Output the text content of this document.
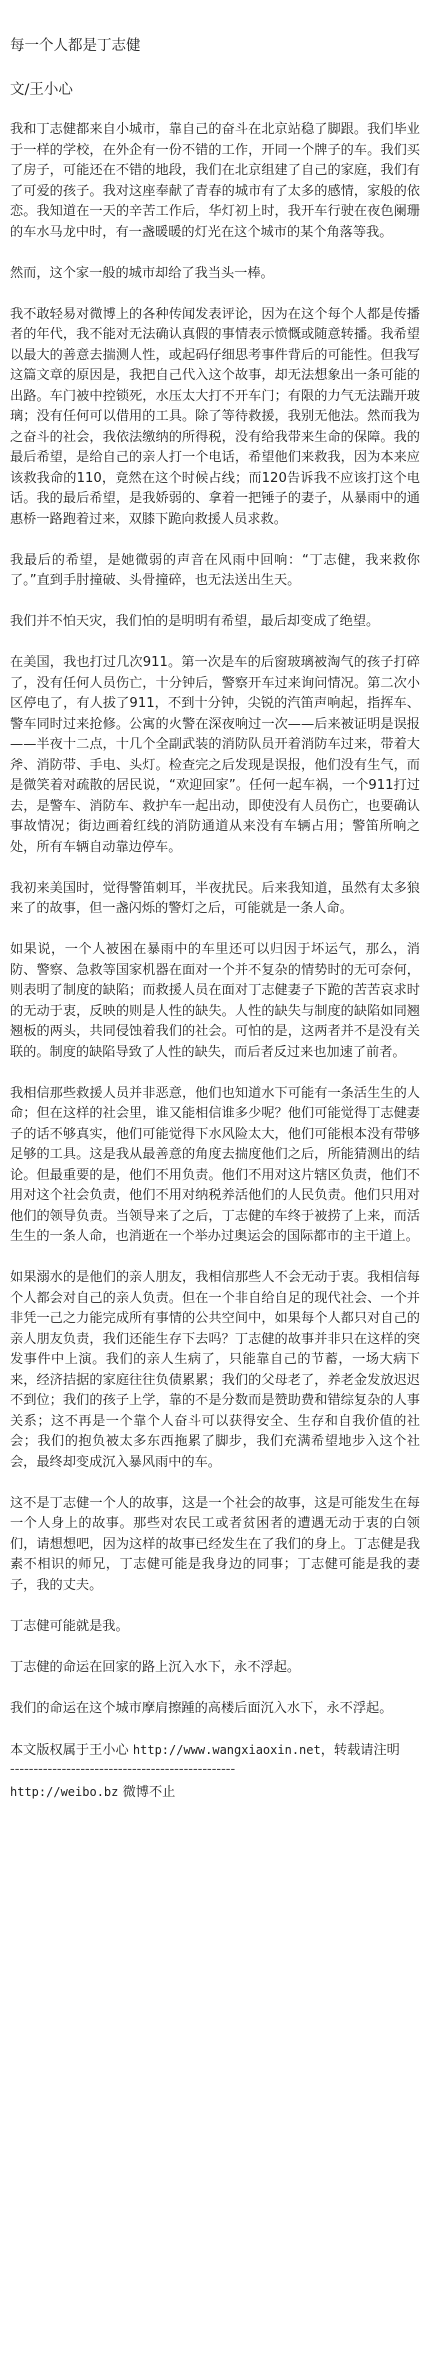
每一个人都是丁志健
文/王小心
我和丁志健都来自小城市，靠自己的奋斗在北京站稳了脚跟。我们毕业于一样的学校，在外企有一份不错的工作，开同一个牌子的车。我们买了房子，可能还在不错的地段，我们在北京组建了自己的家庭，我们有了可爱的孩子。我对这座奉献了青春的城市有了太多的感情，家般的依恋。我知道在一天的辛苦工作后，华灯初上时，我开车行驶在夜色阑珊的车水马龙中时，有一盏暖暖的灯光在这个城市的某个角落等我。
然而，这个家一般的城市却给了我当头一棒。
我不敢轻易对微博上的各种传闻发表评论，因为在这个每个人都是传播者的年代，我不能对无法确认真假的事情表示愤慨或随意转播。我希望以最大的善意去揣测人性，或起码仔细思考事件背后的可能性。但我写这篇文章的原因是，我把自己代入这个故事，却无法想象出一条可能的出路。车门被中控锁死，水压太大打不开车门；有限的力气无法踹开玻璃；没有任何可以借用的工具。除了等待救援，我别无他法。然而我为之奋斗的社会，我依法缴纳的所得税，没有给我带来生命的保障。我的最后希望，是给自己的亲人打一个电话，希望他们来救我，因为本来应该救我命的110，竟然在这个时候占线；而120告诉我不应该打这个电话。我的最后希望，是我娇弱的、拿着一把锤子的妻子，从暴雨中的通惠桥一路跑着过来，双膝下跪向救援人员求救。
我最后的希望，是她微弱的声音在风雨中回响：“丁志健，我来救你了。”直到手肘撞破、头骨撞碎，也无法送出生天。
我们并不怕天灾，我们怕的是明明有希望，最后却变成了绝望。
在美国，我也打过几次911。第一次是车的后窗玻璃被淘气的孩子打碎了，没有任何人员伤亡，十分钟后，警察开车过来询问情况。第二次小区停电了，有人拔了911，不到十分钟，尖锐的汽笛声响起，指挥车、警车同时过来抢修。公寓的火警在深夜响过一次——后来被证明是误报——半夜十二点，十几个全副武装的消防队员开着消防车过来，带着大斧、消防带、手电、头灯。检查完之后发现是误报，他们没有生气，而是微笑着对疏散的居民说，“欢迎回家”。任何一起车祸，一个911打过去，是警车、消防车、救护车一起出动，即使没有人员伤亡，也要确认事故情况；街边画着红线的消防通道从来没有车辆占用；警笛所响之处，所有车辆自动靠边停车。
我初来美国时，觉得警笛刺耳，半夜扰民。后来我知道，虽然有太多狼来了的故事，但一盏闪烁的警灯之后，可能就是一条人命。
如果说，一个人被困在暴雨中的车里还可以归因于坏运气，那么，消防、警察、急救等国家机器在面对一个并不复杂的情势时的无可奈何，则表明了制度的缺陷；而救援人员在面对丁志健妻子下跪的苦苦哀求时的无动于衷，反映的则是人性的缺失。人性的缺失与制度的缺陷如同翘翘板的两头，共同侵蚀着我们的社会。可怕的是，这两者并不是没有关联的。制度的缺陷导致了人性的缺失，而后者反过来也加速了前者。
我相信那些救援人员并非恶意，他们也知道水下可能有一条活生生的人命；但在这样的社会里，谁又能相信谁多少呢？他们可能觉得丁志健妻子的话不够真实，他们可能觉得下水风险太大，他们可能根本没有带够足够的工具。这是我从最善意的角度去揣度他们之后，所能猜测出的结论。但最重要的是，他们不用负责。他们不用对这片辖区负责，他们不用对这个社会负责，他们不用对纳税养活他们的人民负责。他们只用对他们的领导负责。当领导来了之后，丁志健的车终于被捞了上来，而活生生的一条人命，也消逝在一个举办过奥运会的国际都市的主干道上。
如果溺水的是他们的亲人朋友，我相信那些人不会无动于衷。我相信每个人都会对自己的亲人负责。但在一个非自给自足的现代社会、一个并非凭一己之力能完成所有事情的公共空间中，如果每个人都只对自己的亲人朋友负责，我们还能生存下去吗？丁志健的故事并非只在这样的突发事件中上演。我们的亲人生病了，只能靠自己的节蓄，一场大病下来，经济拮据的家庭往往负债累累；我们的父母老了，养老金发放迟迟不到位；我们的孩子上学，靠的不是分数而是赞助费和错综复杂的人事关系；这不再是一个靠个人奋斗可以获得安全、生存和自我价值的社会；我们的抱负被太多东西拖累了脚步，我们充满希望地步入这个社会，最终却变成沉入暴风雨中的车。
这不是丁志健一个人的故事，这是一个社会的故事，这是可能发生在每一个人身上的故事。那些对农民工或者贫困者的遭遇无动于衷的白领们，请想想吧，因为这样的故事已经发生在了我们的身上。丁志健是我素不相识的师兄，丁志健可能是我身边的同事；丁志健可能是我的妻子，我的丈夫。
丁志健可能就是我。
丁志健的命运在回家的路上沉入水下，永不浮起。
我们的命运在这个城市摩肩擦踵的高楼后面沉入水下，永不浮起。
本文版权属于王小心 http://www.wangxiaoxin.net，转载请注明
------------------------------------------------
http://weibo.bz 微博不止
